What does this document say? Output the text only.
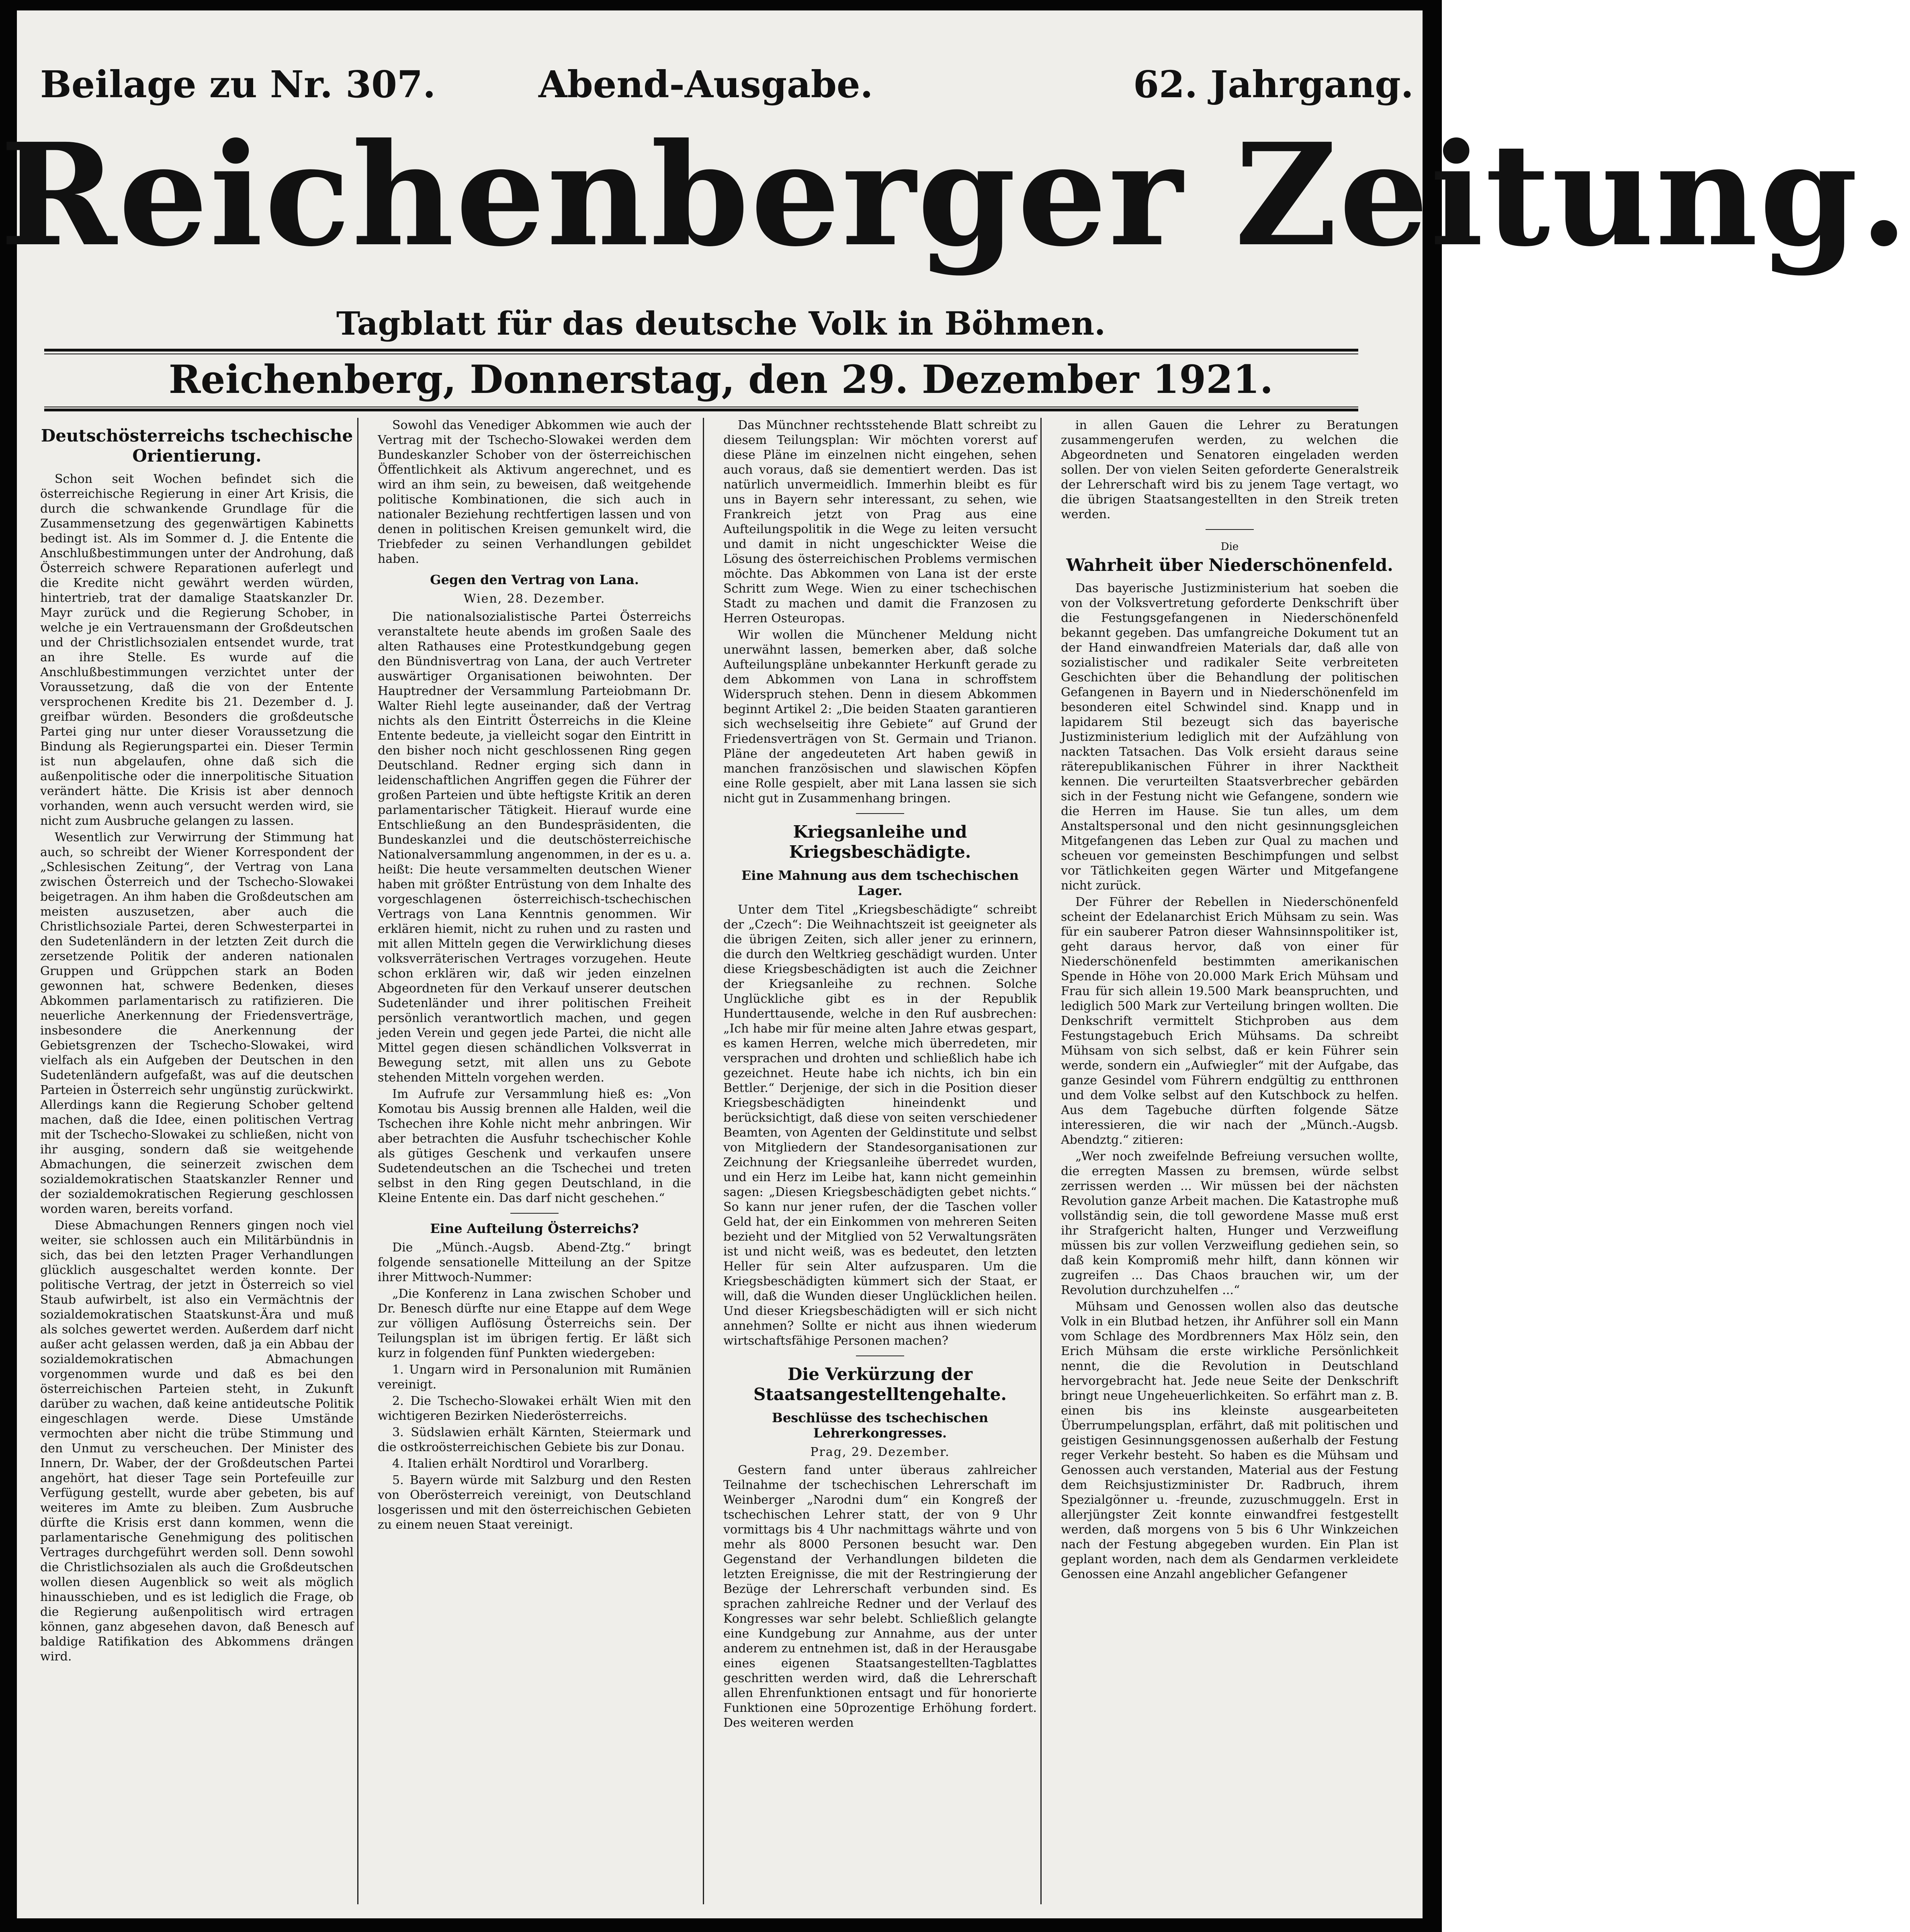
Beilage zu Nr. 307.	Abend-Ausgabe.	62. Jahrgang.
Reichenberger Zeitung.
Tagblatt für das deutsche Volk in Böhmen.
Reichenberg, Donnerstag, den 29. Dezember 1921.
Deutschösterreichs tschechische Orientierung.

Schon seit Wochen befindet sich die österreichische Regierung in einer Art Krisis, die durch die schwankende Grundlage für die Zusammensetzung des gegenwärtigen Kabinetts bedingt ist. Als im Sommer d. J. die Entente die Anschlußbestimmungen unter der Androhung, daß Österreich schwere Reparationen auferlegt und die Kredite nicht gewährt werden würden, hintertrieb, trat der damalige Staatskanzler Dr. Mayr zurück und die Regierung Schober, in welche je ein Vertrauensmann der Großdeutschen und der Christlichsozialen entsendet wurde, trat an ihre Stelle. Es wurde auf die Anschlußbestimmungen verzichtet unter der Voraussetzung, daß die von der Entente versprochenen Kredite bis 21. Dezember d. J. greifbar würden. Besonders die großdeutsche Partei ging nur unter dieser Voraussetzung die Bindung als Regierungspartei ein. Dieser Termin ist nun abgelaufen, ohne daß sich die außenpolitische oder die innerpolitische Situation verändert hätte. Die Krisis ist aber dennoch vorhanden, wenn auch versucht werden wird, sie nicht zum Ausbruche gelangen zu lassen.

Wesentlich zur Verwirrung der Stimmung hat auch, so schreibt der Wiener Korrespondent der „Schlesischen Zeitung“, der Vertrag von Lana zwischen Österreich und der Tschecho-Slowakei beigetragen. An ihm haben die Großdeutschen am meisten auszusetzen, aber auch die Christlichsoziale Partei, deren Schwesterpartei in den Sudetenländern in der letzten Zeit durch die zersetzende Politik der anderen nationalen Gruppen und Grüppchen stark an Boden gewonnen hat, schwere Bedenken, dieses Abkommen parlamentarisch zu ratifizieren. Die neuerliche Anerkennung der Friedensverträge, insbesondere die Anerkennung der Gebietsgrenzen der Tschecho-Slowakei, wird vielfach als ein Aufgeben der Deutschen in den Sudetenländern aufgefaßt, was auf die deutschen Parteien in Österreich sehr ungünstig zurückwirkt. Allerdings kann die Regierung Schober geltend machen, daß die Idee, einen politischen Vertrag mit der Tschecho-Slowakei zu schließen, nicht von ihr ausging, sondern daß sie weitgehende Abmachungen, die seinerzeit zwischen dem sozialdemokratischen Staatskanzler Renner und der sozialdemokratischen Regierung geschlossen worden waren, bereits vorfand.

Diese Abmachungen Renners gingen noch viel weiter, sie schlossen auch ein Militärbündnis in sich, das bei den letzten Prager Verhandlungen glücklich ausgeschaltet werden konnte. Der politische Vertrag, der jetzt in Österreich so viel Staub aufwirbelt, ist also ein Vermächtnis der sozialdemokratischen Staatskunst-Ära und muß als solches gewertet werden. Außerdem darf nicht außer acht gelassen werden, daß ja ein Abbau der sozialdemokratischen Abmachungen vorgenommen wurde und daß es bei den österreichischen Parteien steht, in Zukunft darüber zu wachen, daß keine antideutsche Politik eingeschlagen werde. Diese Umstände vermochten aber nicht die trübe Stimmung und den Unmut zu verscheuchen. Der Minister des Innern, Dr. Waber, der der Großdeutschen Partei angehört, hat dieser Tage sein Portefeuille zur Verfügung gestellt, wurde aber gebeten, bis auf weiteres im Amte zu bleiben. Zum Ausbruche dürfte die Krisis erst dann kommen, wenn die parlamentarische Genehmigung des politischen Vertrages durchgeführt werden soll. Denn sowohl die Christlichsozialen als auch die Großdeutschen wollen diesen Augenblick so weit als möglich hinausschieben, und es ist lediglich die Frage, ob die Regierung außenpolitisch wird ertragen können, ganz abgesehen davon, daß Benesch auf baldige Ratifikation des Abkommens drängen wird.

Sowohl das Venediger Abkommen wie auch der Vertrag mit der Tschecho-Slowakei werden dem Bundeskanzler Schober von der österreichischen Öffentlichkeit als Aktivum angerechnet, und es wird an ihm sein, zu beweisen, daß weitgehende politische Kombinationen, die sich auch in nationaler Beziehung rechtfertigen lassen und von denen in politischen Kreisen gemunkelt wird, die Triebfeder zu seinen Verhandlungen gebildet haben.

Gegen den Vertrag von Lana.
Wien, 28. Dezember.

Die nationalsozialistische Partei Österreichs veranstaltete heute abends im großen Saale des alten Rathauses eine Protestkundgebung gegen den Bündnisvertrag von Lana, der auch Vertreter auswärtiger Organisationen beiwohnten. Der Hauptredner der Versammlung Parteiobmann Dr. Walter Riehl legte auseinander, daß der Vertrag nichts als den Eintritt Österreichs in die Kleine Entente bedeute, ja vielleicht sogar den Eintritt in den bisher noch nicht geschlossenen Ring gegen Deutschland. Redner erging sich dann in leidenschaftlichen Angriffen gegen die Führer der großen Parteien und übte heftigste Kritik an deren parlamentarischer Tätigkeit. Hierauf wurde eine Entschließung an den Bundespräsidenten, die Bundeskanzlei und die deutschösterreichische Nationalversammlung angenommen, in der es u. a. heißt: Die heute versammelten deutschen Wiener haben mit größter Entrüstung von dem Inhalte des vorgeschlagenen österreichisch-tschechischen Vertrags von Lana Kenntnis genommen. Wir erklären hiemit, nicht zu ruhen und zu rasten und mit allen Mitteln gegen die Verwirklichung dieses volksverräterischen Vertrages vorzugehen. Heute schon erklären wir, daß wir jeden einzelnen Abgeordneten für den Verkauf unserer deutschen Sudetenländer und ihrer politischen Freiheit persönlich verantwortlich machen, und gegen jeden Verein und gegen jede Partei, die nicht alle Mittel gegen diesen schändlichen Volksverrat in Bewegung setzt, mit allen uns zu Gebote stehenden Mitteln vorgehen werden.

Im Aufrufe zur Versammlung hieß es: „Von Komotau bis Aussig brennen alle Halden, weil die Tschechen ihre Kohle nicht mehr anbringen. Wir aber betrachten die Ausfuhr tschechischer Kohle als gütiges Geschenk und verkaufen unsere Sudetendeutschen an die Tschechei und treten selbst in den Ring gegen Deutschland, in die Kleine Entente ein. Das darf nicht geschehen.“

Eine Aufteilung Österreichs?

Die „Münch.-Augsb. Abend-Ztg.“ bringt folgende sensationelle Mitteilung an der Spitze ihrer Mittwoch-Nummer:

„Die Konferenz in Lana zwischen Schober und Dr. Benesch dürfte nur eine Etappe auf dem Wege zur völligen Auflösung Österreichs sein. Der Teilungsplan ist im übrigen fertig. Er läßt sich kurz in folgenden fünf Punkten wiedergeben:

1. Ungarn wird in Personalunion mit Rumänien vereinigt.

2. Die Tschecho-Slowakei erhält Wien mit den wichtigeren Bezirken Niederösterreichs.

3. Südslawien erhält Kärnten, Steiermark und die ostkroösterreichischen Gebiete bis zur Donau.

4. Italien erhält Nordtirol und Vorarlberg.

5. Bayern würde mit Salzburg und den Resten von Oberösterreich vereinigt, von Deutschland losgerissen und mit den österreichischen Gebieten zu einem neuen Staat vereinigt.

Das Münchner rechtsstehende Blatt schreibt zu diesem Teilungsplan: Wir möchten vorerst auf diese Pläne im einzelnen nicht eingehen, sehen auch voraus, daß sie dementiert werden. Das ist natürlich unvermeidlich. Immerhin bleibt es für uns in Bayern sehr interessant, zu sehen, wie Frankreich jetzt von Prag aus eine Aufteilungspolitik in die Wege zu leiten versucht und damit in nicht ungeschickter Weise die Lösung des österreichischen Problems vermischen möchte. Das Abkommen von Lana ist der erste Schritt zum Wege. Wien zu einer tschechischen Stadt zu machen und damit die Franzosen zu Herren Osteuropas.

Wir wollen die Münchener Meldung nicht unerwähnt lassen, bemerken aber, daß solche Aufteilungspläne unbekannter Herkunft gerade zu dem Abkommen von Lana in schroffstem Widerspruch stehen. Denn in diesem Abkommen beginnt Artikel 2: „Die beiden Staaten garantieren sich wechselseitig ihre Gebiete“ auf Grund der Friedensverträgen von St. Germain und Trianon. Pläne der angedeuteten Art haben gewiß in manchen französischen und slawischen Köpfen eine Rolle gespielt, aber mit Lana lassen sie sich nicht gut in Zusammenhang bringen.

Kriegsanleihe und Kriegsbeschädigte.
Eine Mahnung aus dem tschechischen Lager.

Unter dem Titel „Kriegsbeschädigte“ schreibt der „Czech“: Die Weihnachtszeit ist geeigneter als die übrigen Zeiten, sich aller jener zu erinnern, die durch den Weltkrieg geschädigt wurden. Unter diese Kriegsbeschädigten ist auch die Zeichner der Kriegsanleihe zu rechnen. Solche Unglückliche gibt es in der Republik Hunderttausende, welche in den Ruf ausbrechen: „Ich habe mir für meine alten Jahre etwas gespart, es kamen Herren, welche mich überredeten, mir versprachen und drohten und schließlich habe ich gezeichnet. Heute habe ich nichts, ich bin ein Bettler.“ Derjenige, der sich in die Position dieser Kriegsbeschädigten hineindenkt und berücksichtigt, daß diese von seiten verschiedener Beamten, von Agenten der Geldinstitute und selbst von Mitgliedern der Standesorganisationen zur Zeichnung der Kriegsanleihe überredet wurden, und ein Herz im Leibe hat, kann nicht gemeinhin sagen: „Diesen Kriegsbeschädigten gebet nichts.“ So kann nur jener rufen, der die Taschen voller Geld hat, der ein Einkommen von mehreren Seiten bezieht und der Mitglied von 52 Verwaltungsräten ist und nicht weiß, was es bedeutet, den letzten Heller für sein Alter aufzusparen. Um die Kriegsbeschädigten kümmert sich der Staat, er will, daß die Wunden dieser Unglücklichen heilen. Und dieser Kriegsbeschädigten will er sich nicht annehmen? Sollte er nicht aus ihnen wiederum wirtschaftsfähige Personen machen?

Die Verkürzung der Staatsangestelltengehalte.
Beschlüsse des tschechischen Lehrerkongresses.
Prag, 29. Dezember.

Gestern fand unter überaus zahlreicher Teilnahme der tschechischen Lehrerschaft im Weinberger „Narodni dum“ ein Kongreß der tschechischen Lehrer statt, der von 9 Uhr vormittags bis 4 Uhr nachmittags währte und von mehr als 8000 Personen besucht war. Den Gegenstand der Verhandlungen bildeten die letzten Ereignisse, die mit der Restringierung der Bezüge der Lehrerschaft verbunden sind. Es sprachen zahlreiche Redner und der Verlauf des Kongresses war sehr belebt. Schließlich gelangte eine Kundgebung zur Annahme, aus der unter anderem zu entnehmen ist, daß in der Herausgabe eines eigenen Staatsangestellten-Tagblattes geschritten werden wird, daß die Lehrerschaft allen Ehrenfunktionen entsagt und für honorierte Funktionen eine 50prozentige Erhöhung fordert. Des weiteren werden

in allen Gauen die Lehrer zu Beratungen zusammengerufen werden, zu welchen die Abgeordneten und Senatoren eingeladen werden sollen. Der von vielen Seiten geforderte Generalstreik der Lehrerschaft wird bis zu jenem Tage vertagt, wo die übrigen Staatsangestellten in den Streik treten werden.

Die
Wahrheit über Niederschönenfeld.

Das bayerische Justizministerium hat soeben die von der Volksvertretung geforderte Denkschrift über die Festungsgefangenen in Niederschönenfeld bekannt gegeben. Das umfangreiche Dokument tut an der Hand einwandfreien Materials dar, daß alle von sozialistischer und radikaler Seite verbreiteten Geschichten über die Behandlung der politischen Gefangenen in Bayern und in Niederschönenfeld im besonderen eitel Schwindel sind. Knapp und in lapidarem Stil bezeugt sich das bayerische Justizministerium lediglich mit der Aufzählung von nackten Tatsachen. Das Volk ersieht daraus seine räterepublikanischen Führer in ihrer Nacktheit kennen. Die verurteilten Staatsverbrecher gebärden sich in der Festung nicht wie Gefangene, sondern wie die Herren im Hause. Sie tun alles, um dem Anstaltspersonal und den nicht gesinnungsgleichen Mitgefangenen das Leben zur Qual zu machen und scheuen vor gemeinsten Beschimpfungen und selbst vor Tätlichkeiten gegen Wärter und Mitgefangene nicht zurück.

Der Führer der Rebellen in Niederschönenfeld scheint der Edelanarchist Erich Mühsam zu sein. Was für ein sauberer Patron dieser Wahnsinnspolitiker ist, geht daraus hervor, daß von einer für Niederschönenfeld bestimmten amerikanischen Spende in Höhe von 20.000 Mark Erich Mühsam und Frau für sich allein 19.500 Mark beanspruchten, und lediglich 500 Mark zur Verteilung bringen wollten. Die Denkschrift vermittelt Stichproben aus dem Festungstagebuch Erich Mühsams. Da schreibt Mühsam von sich selbst, daß er kein Führer sein werde, sondern ein „Aufwiegler“ mit der Aufgabe, das ganze Gesindel vom Führern endgültig zu entthronen und dem Volke selbst auf den Kutschbock zu helfen. Aus dem Tagebuche dürften folgende Sätze interessieren, die wir nach der „Münch.-Augsb. Abendztg.“ zitieren:

„Wer noch zweifelnde Befreiung versuchen wollte, die erregten Massen zu bremsen, würde selbst zerrissen werden ... Wir müssen bei der nächsten Revolution ganze Arbeit machen. Die Katastrophe muß vollständig sein, die toll gewordene Masse muß erst ihr Strafgericht halten, Hunger und Verzweiflung müssen bis zur vollen Verzweiflung gediehen sein, so daß kein Kompromiß mehr hilft, dann können wir zugreifen ... Das Chaos brauchen wir, um der Revolution durchzuhelfen ...“

Mühsam und Genossen wollen also das deutsche Volk in ein Blutbad hetzen, ihr Anführer soll ein Mann vom Schlage des Mordbrenners Max Hölz sein, den Erich Mühsam die erste wirkliche Persönlichkeit nennt, die die Revolution in Deutschland hervorgebracht hat. Jede neue Seite der Denkschrift bringt neue Ungeheuerlichkeiten. So erfährt man z. B. einen bis ins kleinste ausgearbeiteten Überrumpelungsplan, erfährt, daß mit politischen und geistigen Gesinnungsgenossen außerhalb der Festung reger Verkehr besteht. So haben es die Mühsam und Genossen auch verstanden, Material aus der Festung dem Reichsjustizminister Dr. Radbruch, ihrem Spezialgönner u. -freunde, zuzuschmuggeln. Erst in allerjüngster Zeit konnte einwandfrei festgestellt werden, daß morgens von 5 bis 6 Uhr Winkzeichen nach der Festung abgegeben wurden. Ein Plan ist geplant worden, nach dem als Gendarmen verkleidete Genossen eine Anzahl angeblicher Gefangener
